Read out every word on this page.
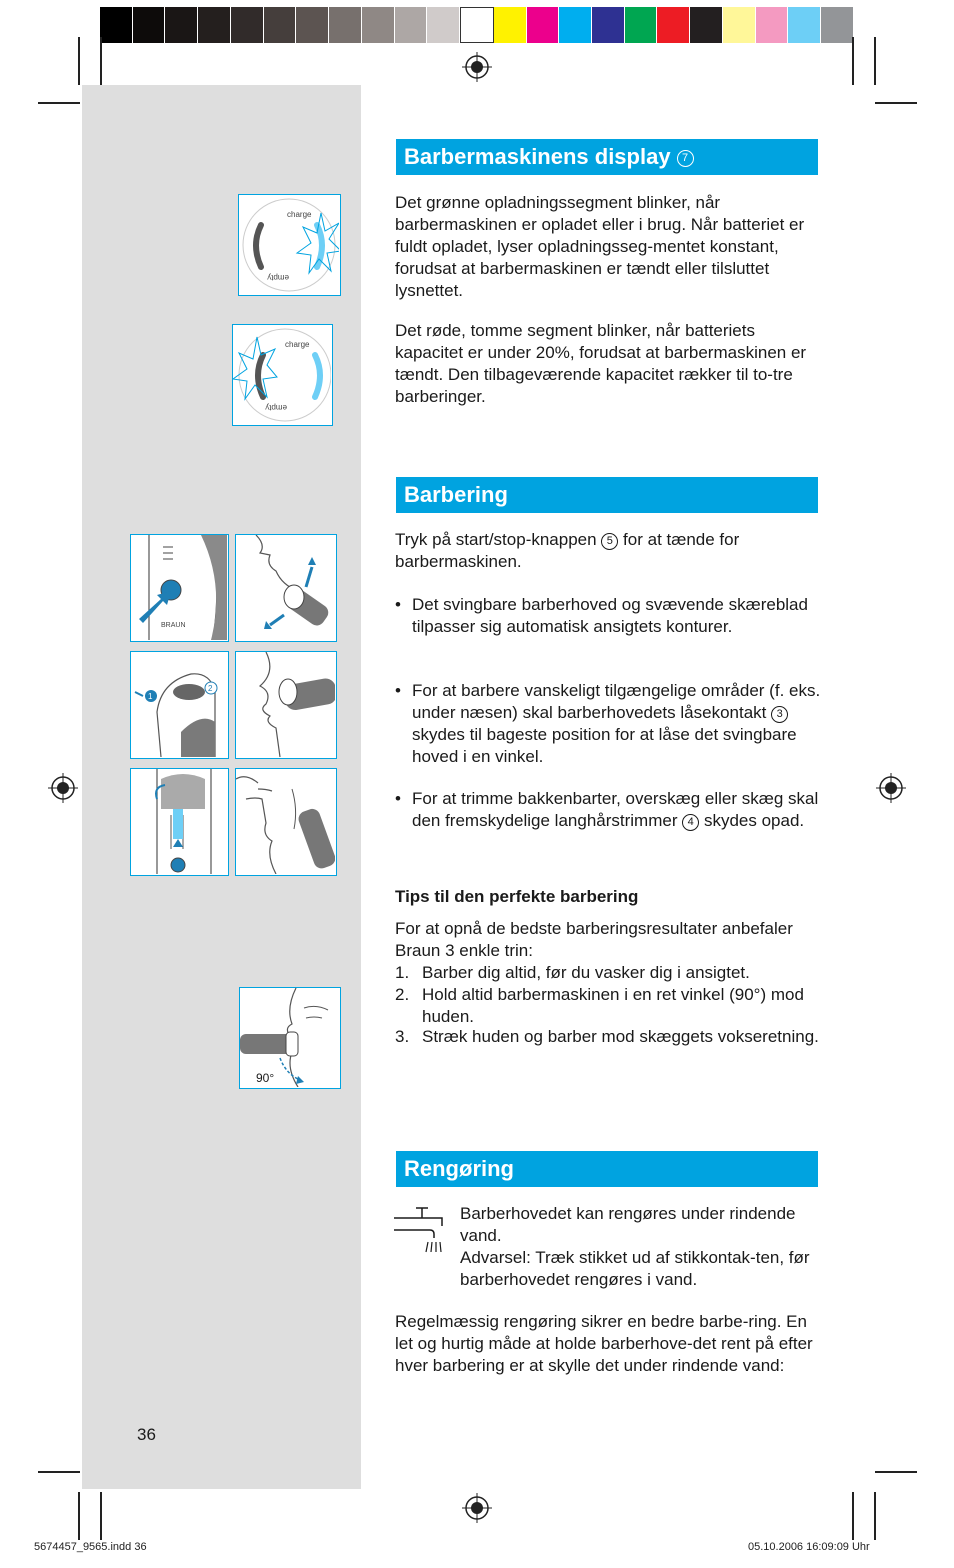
charge
empty
charge
empty
BRAUN
1
2
90°
Barbermaskinens display 7
Det grønne opladningssegment blinker, når barbermaskinen er opladet eller i brug. Når batteriet er fuldt opladet, lyser opladningsseg-mentet konstant, forudsat at barbermaskinen er tændt eller tilsluttet lysnettet.
Det røde, tomme segment blinker, når batteriets kapacitet er under 20%, forudsat at barbermaskinen er tændt. Den tilbageværende kapacitet rækker til to-tre barberinger.
Barbering
Tryk på start/stop-knappen 5 for at tænde for barbermaskinen.
• Det svingbare barberhoved og svævende skæreblad tilpasser sig automatisk ansigtets konturer.
• For at barbere vanskeligt tilgængelige områder (f. eks. under næsen) skal barberhovedets låsekontakt 3 skydes til bageste position for at låse det svingbare hoved i en vinkel.
• For at trimme bakkenbarter, overskæg eller skæg skal den fremskydelige langhårstrimmer 4 skydes opad.
Tips til den perfekte barbering
For at opnå de bedste barberingsresultater anbefaler Braun 3 enkle trin:
1. Barber dig altid, før du vasker dig i ansigtet.
2. Hold altid barbermaskinen i en ret vinkel (90°) mod huden.
3. Stræk huden og barber mod skæggets vokseretning.
Rengøring
Barberhovedet kan rengøres under rindende vand.
Advarsel: Træk stikket ud af stikkontak-ten, før barberhovedet rengøres i vand.
Regelmæssig rengøring sikrer en bedre barbe-ring. En let og hurtig måde at holde barberhove-det rent på efter hver barbering er at skylle det under rindende vand:
36
5674457_9565.indd 36	05.10.2006 16:09:09 Uhr
